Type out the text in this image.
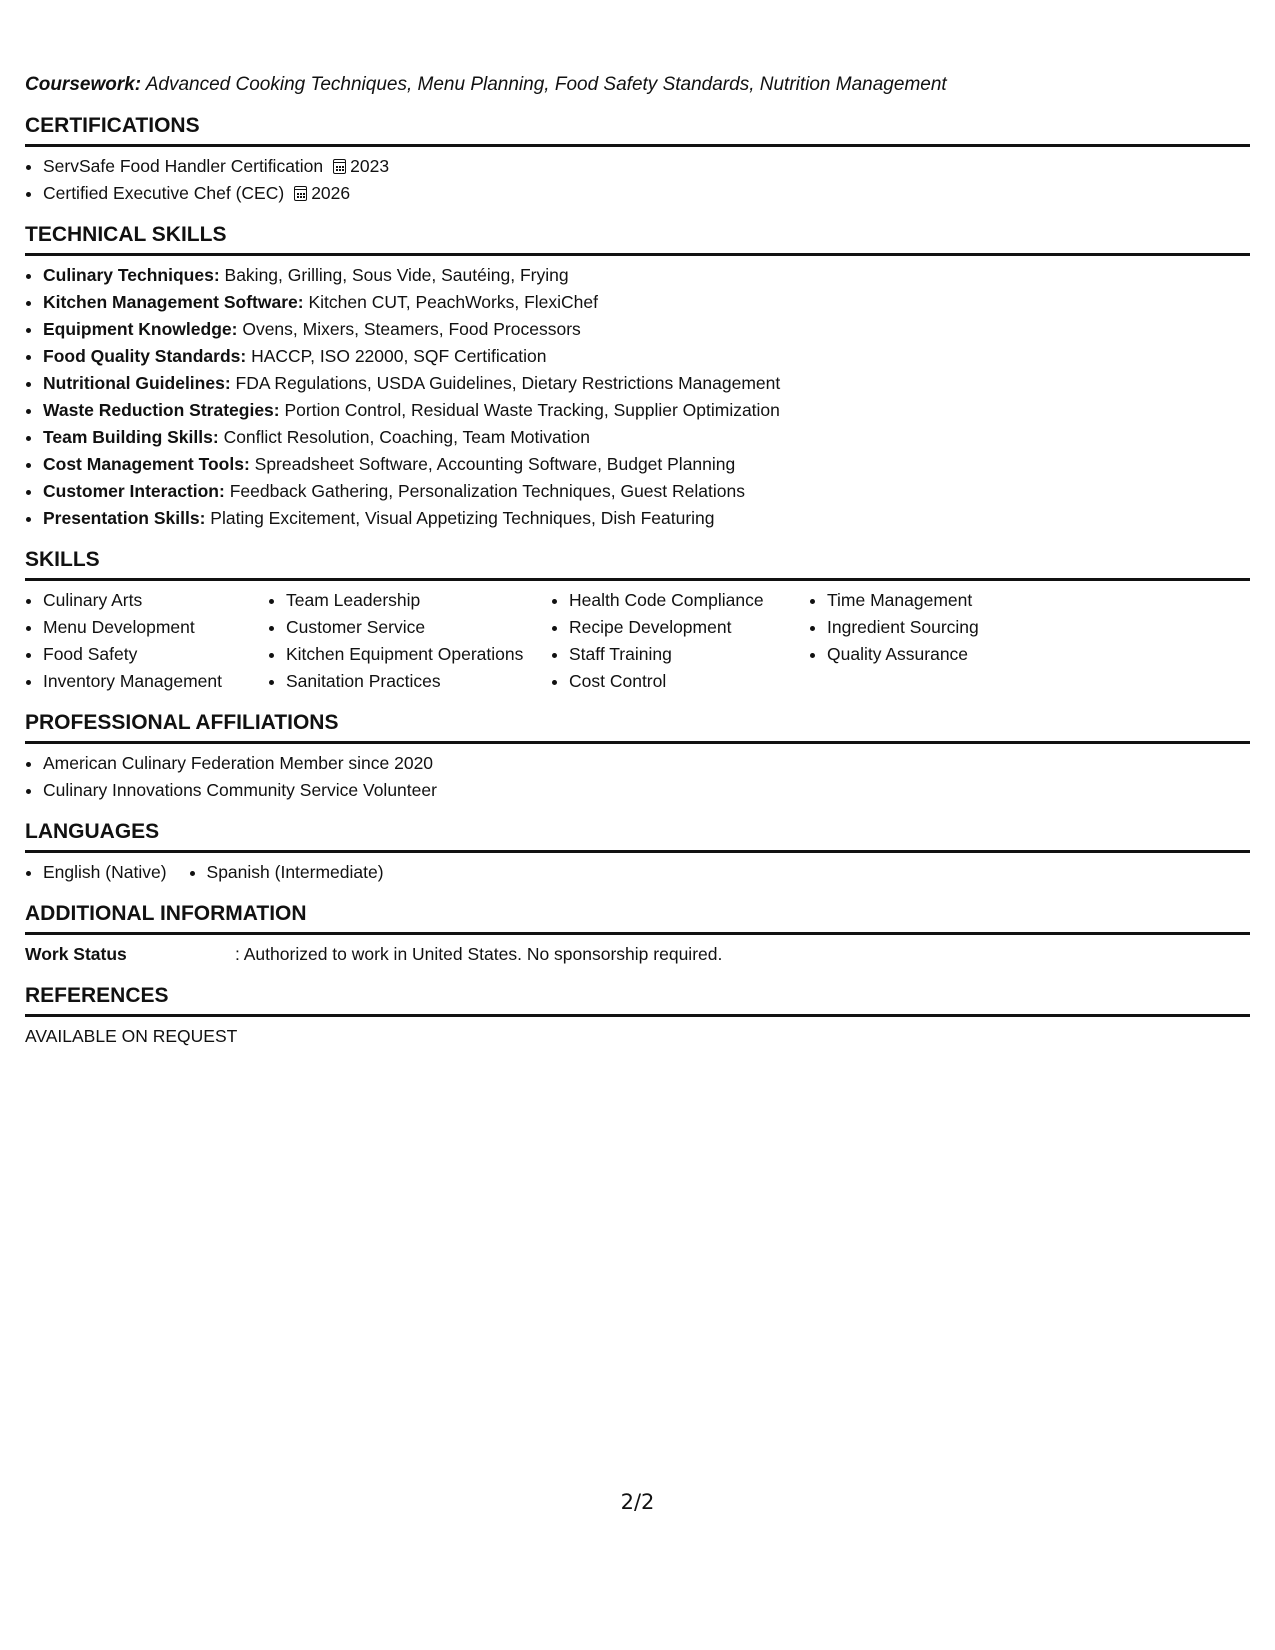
Coursework: Advanced Cooking Techniques, Menu Planning, Food Safety Standards, Nutrition Management

CERTIFICATIONS
• ServSafe Food Handler Certification 2023
• Certified Executive Chef (CEC) 2026
TECHNICAL SKILLS
• Culinary Techniques: Baking, Grilling, Sous Vide, Sautéing, Frying
• Kitchen Management Software: Kitchen CUT, PeachWorks, FlexiChef
• Equipment Knowledge: Ovens, Mixers, Steamers, Food Processors
• Food Quality Standards: HACCP, ISO 22000, SQF Certification
• Nutritional Guidelines: FDA Regulations, USDA Guidelines, Dietary Restrictions Management
• Waste Reduction Strategies: Portion Control, Residual Waste Tracking, Supplier Optimization
• Team Building Skills: Conflict Resolution, Coaching, Team Motivation
• Cost Management Tools: Spreadsheet Software, Accounting Software, Budget Planning
• Customer Interaction: Feedback Gathering, Personalization Techniques, Guest Relations
• Presentation Skills: Plating Excitement, Visual Appetizing Techniques, Dish Featuring
SKILLS
• Culinary Arts
• Menu Development
• Food Safety
• Inventory Management
• Team Leadership
• Customer Service
• Kitchen Equipment Operations
• Sanitation Practices
• Health Code Compliance
• Recipe Development
• Staff Training
• Cost Control
• Time Management
• Ingredient Sourcing
• Quality Assurance
PROFESSIONAL AFFILIATIONS
• American Culinary Federation Member since 2020
• Culinary Innovations Community Service Volunteer
LANGUAGES
• English (Native)
• Spanish (Intermediate)
ADDITIONAL INFORMATION
Work Status	: Authorized to work in United States. No sponsorship required.
REFERENCES
AVAILABLE ON REQUEST
2/2
